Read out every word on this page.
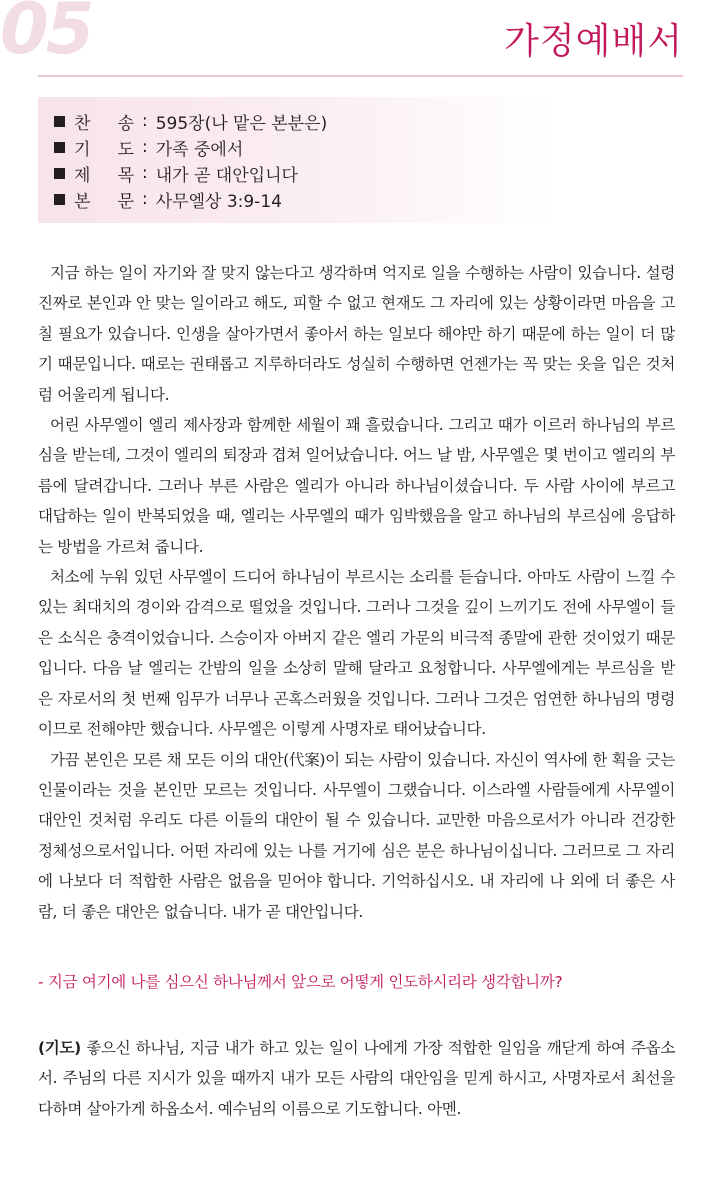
05	가정예배서
찬 송 : 595장(나 맡은 본분은)
기 도 : 가족 중에서
제 목 : 내가 곧 대안입니다
본 문 : 사무엘상 3:9-14

지금 하는 일이 자기와 잘 맞지 않는다고 생각하며 억지로 일을 수행하는 사람이 있습니다. 설령 진짜로 본인과 안 맞는 일이라고 해도, 피할 수 없고 현재도 그 자리에 있는 상황이라면 마음을 고칠 필요가 있습니다. 인생을 살아가면서 좋아서 하는 일보다 해야만 하기 때문에 하는 일이 더 많기 때문입니다. 때로는 권태롭고 지루하더라도 성실히 수행하면 언젠가는 꼭 맞는 옷을 입은 것처럼 어울리게 됩니다.

어린 사무엘이 엘리 제사장과 함께한 세월이 꽤 흘렀습니다. 그리고 때가 이르러 하나님의 부르심을 받는데, 그것이 엘리의 퇴장과 겹쳐 일어났습니다. 어느 날 밤, 사무엘은 몇 번이고 엘리의 부름에 달려갑니다. 그러나 부른 사람은 엘리가 아니라 하나님이셨습니다. 두 사람 사이에 부르고 대답하는 일이 반복되었을 때, 엘리는 사무엘의 때가 임박했음을 알고 하나님의 부르심에 응답하는 방법을 가르쳐 줍니다.

처소에 누워 있던 사무엘이 드디어 하나님이 부르시는 소리를 듣습니다. 아마도 사람이 느낄 수 있는 최대치의 경이와 감격으로 떨었을 것입니다. 그러나 그것을 깊이 느끼기도 전에 사무엘이 들은 소식은 충격이었습니다. 스승이자 아버지 같은 엘리 가문의 비극적 종말에 관한 것이었기 때문입니다. 다음 날 엘리는 간밤의 일을 소상히 말해 달라고 요청합니다. 사무엘에게는 부르심을 받은 자로서의 첫 번째 임무가 너무나 곤혹스러웠을 것입니다. 그러나 그것은 엄연한 하나님의 명령이므로 전해야만 했습니다. 사무엘은 이렇게 사명자로 태어났습니다.

가끔 본인은 모른 채 모든 이의 대안(代案)이 되는 사람이 있습니다. 자신이 역사에 한 획을 긋는 인물이라는 것을 본인만 모르는 것입니다. 사무엘이 그랬습니다. 이스라엘 사람들에게 사무엘이 대안인 것처럼 우리도 다른 이들의 대안이 될 수 있습니다. 교만한 마음으로서가 아니라 건강한 정체성으로서입니다. 어떤 자리에 있는 나를 거기에 심은 분은 하나님이십니다. 그러므로 그 자리에 나보다 더 적합한 사람은 없음을 믿어야 합니다. 기억하십시오. 내 자리에 나 외에 더 좋은 사람, 더 좋은 대안은 없습니다. 내가 곧 대안입니다.

- 지금 여기에 나를 심으신 하나님께서 앞으로 어떻게 인도하시리라 생각합니까?
(기도) 좋으신 하나님, 지금 내가 하고 있는 일이 나에게 가장 적합한 일임을 깨닫게 하여 주옵소서. 주님의 다른 지시가 있을 때까지 내가 모든 사람의 대안임을 믿게 하시고, 사명자로서 최선을 다하며 살아가게 하옵소서. 예수님의 이름으로 기도합니다. 아멘.
